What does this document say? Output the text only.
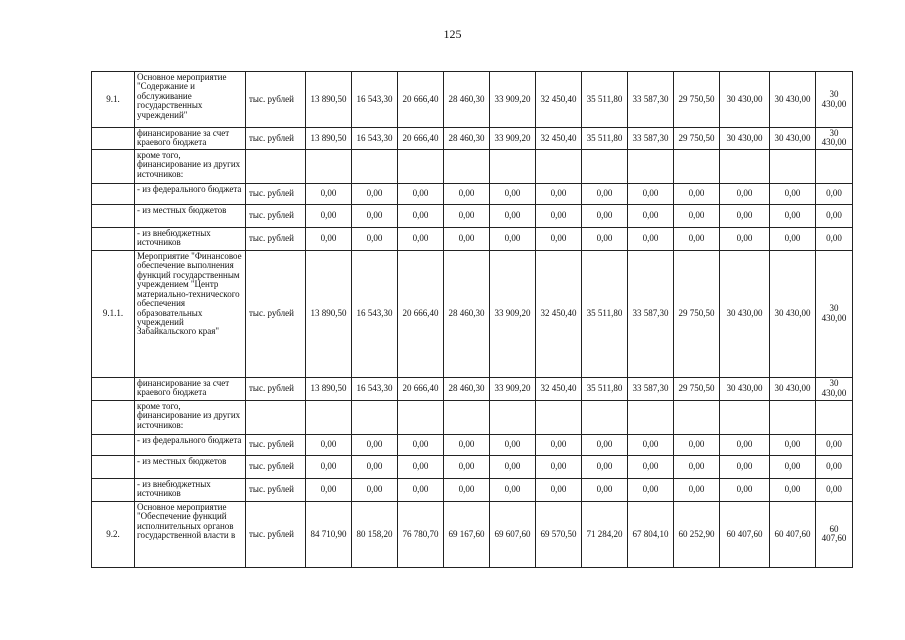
125
9.1.	Основное мероприятие "Содержание и обслуживание государственных учреждений"	тыс. рублей	13 890,50	16 543,30	20 666,40	28 460,30	33 909,20	32 450,40	35 511,80	33 587,30	29 750,50	30 430,00	30 430,00	30 430,00
	финансирование за счет краевого бюджета	тыс. рублей	13 890,50	16 543,30	20 666,40	28 460,30	33 909,20	32 450,40	35 511,80	33 587,30	29 750,50	30 430,00	30 430,00	30 430,00
	кроме того, финансирование из других источников:													
	- из федерального бюджета	тыс. рублей	0,00	0,00	0,00	0,00	0,00	0,00	0,00	0,00	0,00	0,00	0,00	0,00
	- из местных бюджетов	тыс. рублей	0,00	0,00	0,00	0,00	0,00	0,00	0,00	0,00	0,00	0,00	0,00	0,00
	- из внебюджетных источников	тыс. рублей	0,00	0,00	0,00	0,00	0,00	0,00	0,00	0,00	0,00	0,00	0,00	0,00
9.1.1.	Мероприятие "Финансовое обеспечение выполнения функций государственным учреждением "Центр материально-технического обеспечения образовательных учреждений Забайкальского края"	тыс. рублей	13 890,50	16 543,30	20 666,40	28 460,30	33 909,20	32 450,40	35 511,80	33 587,30	29 750,50	30 430,00	30 430,00	30 430,00
	финансирование за счет краевого бюджета	тыс. рублей	13 890,50	16 543,30	20 666,40	28 460,30	33 909,20	32 450,40	35 511,80	33 587,30	29 750,50	30 430,00	30 430,00	30 430,00
	кроме того, финансирование из других источников:													
	- из федерального бюджета	тыс. рублей	0,00	0,00	0,00	0,00	0,00	0,00	0,00	0,00	0,00	0,00	0,00	0,00
	- из местных бюджетов	тыс. рублей	0,00	0,00	0,00	0,00	0,00	0,00	0,00	0,00	0,00	0,00	0,00	0,00
	- из внебюджетных источников	тыс. рублей	0,00	0,00	0,00	0,00	0,00	0,00	0,00	0,00	0,00	0,00	0,00	0,00
9.2.	Основное мероприятие "Обеспечение функций исполнительных органов государственной власти в	тыс. рублей	84 710,90	80 158,20	76 780,70	69 167,60	69 607,60	69 570,50	71 284,20	67 804,10	60 252,90	60 407,60	60 407,60	60 407,60
